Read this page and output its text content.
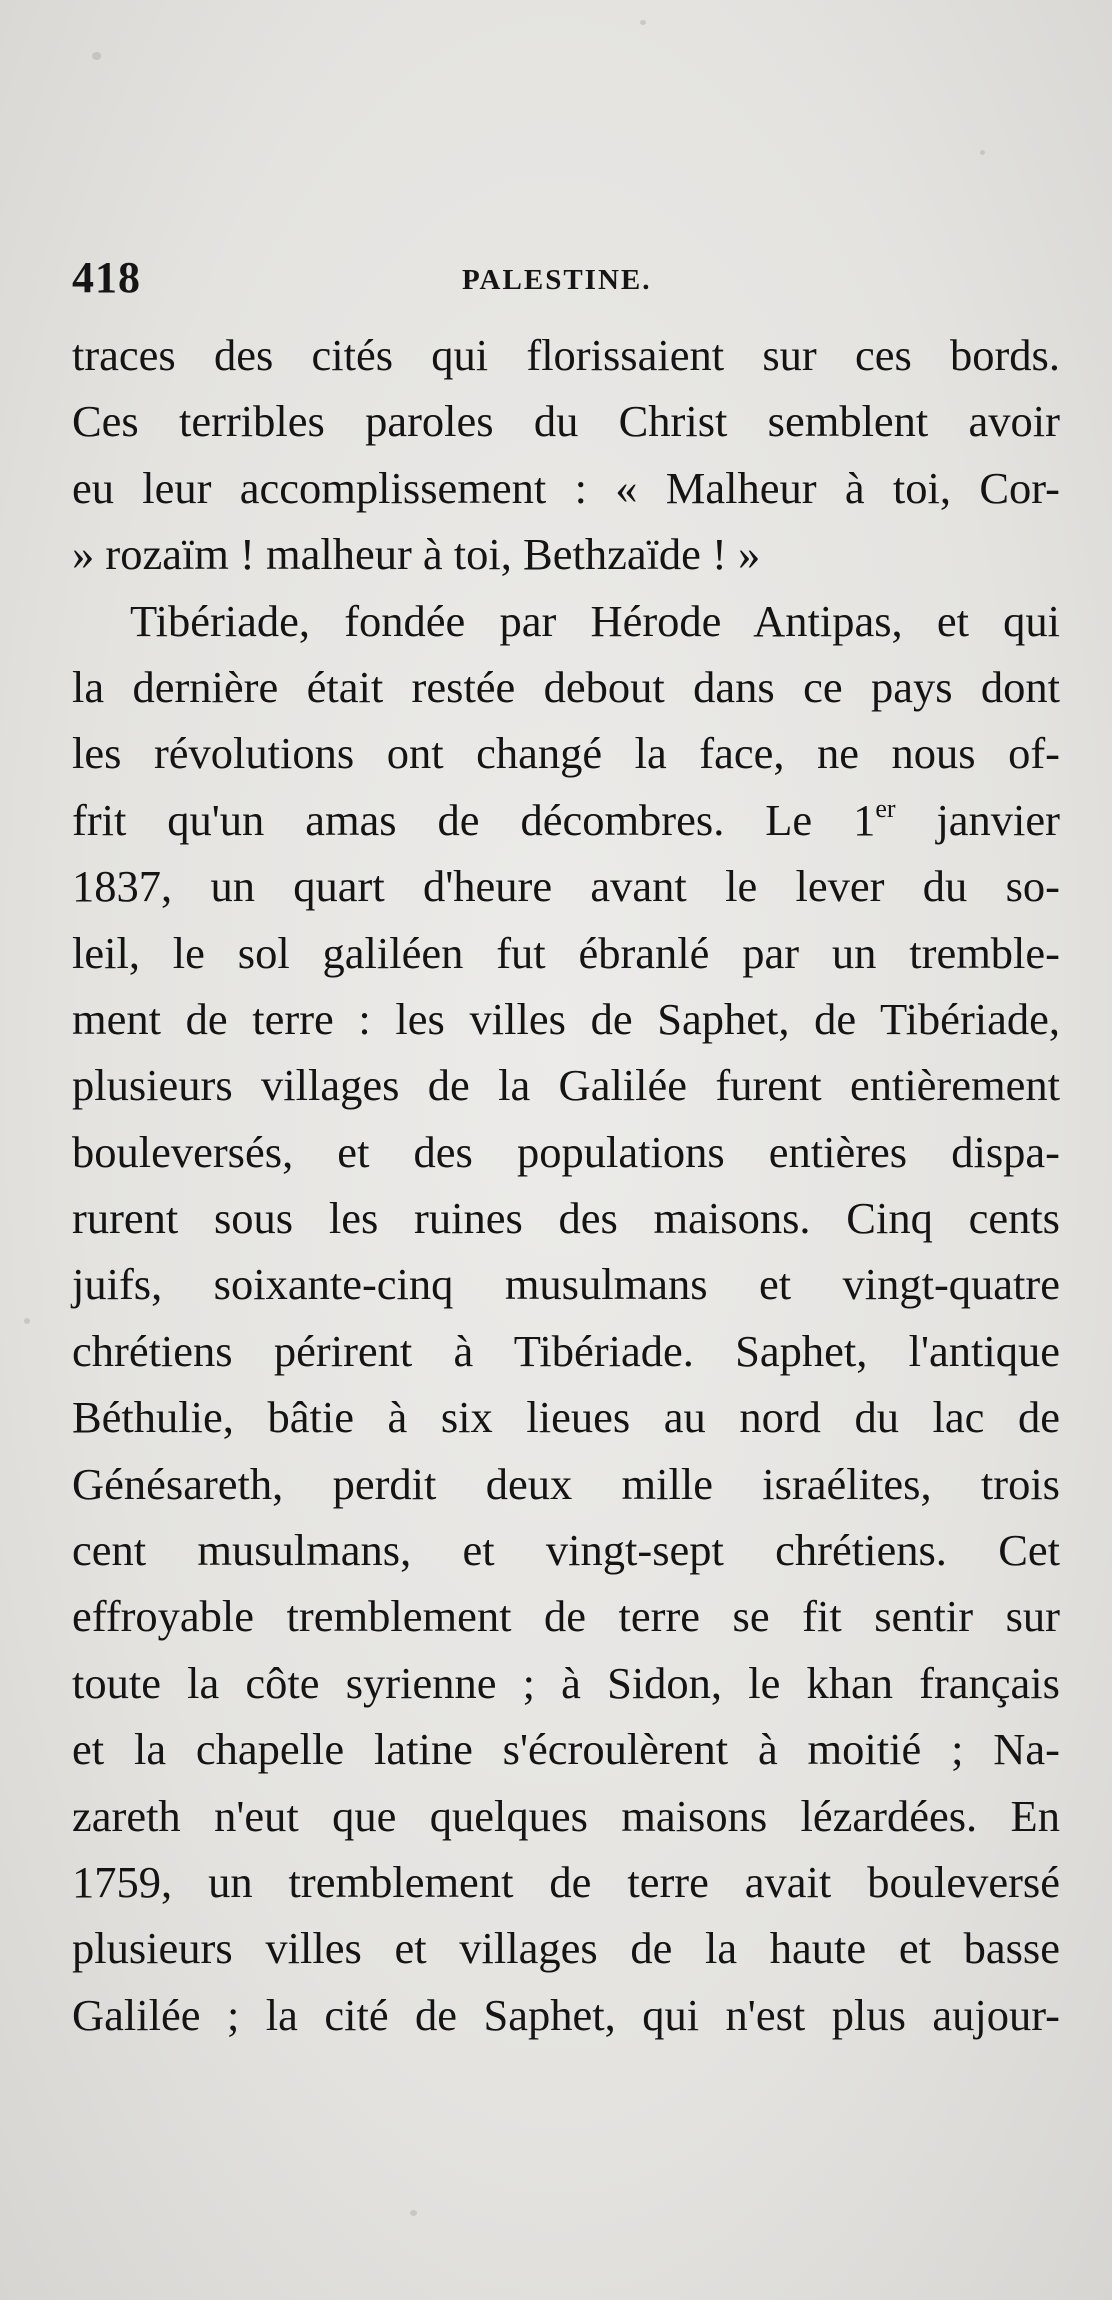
418	PALESTINE.
traces des cités qui florissaient sur ces bords.
Ces terribles paroles du Christ semblent avoir
eu leur accomplissement : « Malheur à toi, Cor-
» rozaïm ! malheur à toi, Bethzaïde ! »
Tibériade, fondée par Hérode Antipas, et qui
la dernière était restée debout dans ce pays dont
les révolutions ont changé la face, ne nous of-
frit qu'un amas de décombres. Le 1er janvier
1837, un quart d'heure avant le lever du so-
leil, le sol galiléen fut ébranlé par un tremble-
ment de terre : les villes de Saphet, de Tibériade,
plusieurs villages de la Galilée furent entièrement
bouleversés, et des populations entières dispa-
rurent sous les ruines des maisons. Cinq cents
juifs, soixante-cinq musulmans et vingt-quatre
chrétiens périrent à Tibériade. Saphet, l'antique
Béthulie, bâtie à six lieues au nord du lac de
Génésareth, perdit deux mille israélites, trois
cent musulmans, et vingt-sept chrétiens. Cet
effroyable tremblement de terre se fit sentir sur
toute la côte syrienne ; à Sidon, le khan français
et la chapelle latine s'écroulèrent à moitié ; Na-
zareth n'eut que quelques maisons lézardées. En
1759, un tremblement de terre avait bouleversé
plusieurs villes et villages de la haute et basse
Galilée ; la cité de Saphet, qui n'est plus aujour-
